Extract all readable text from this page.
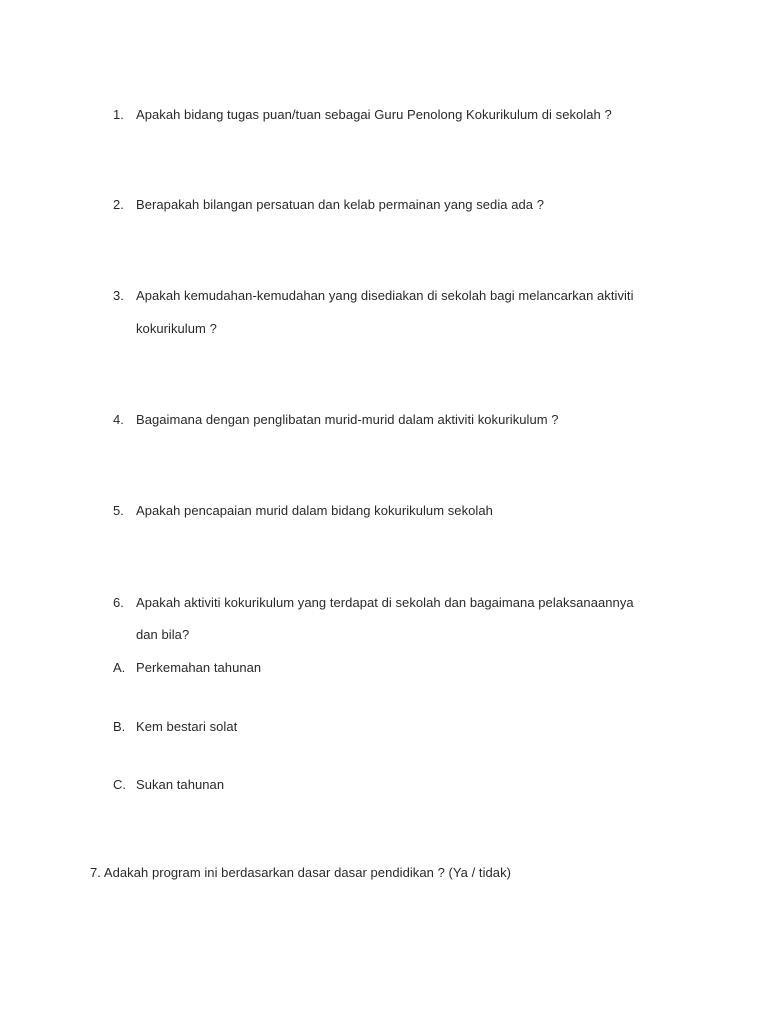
1. Apakah bidang tugas puan/tuan sebagai Guru Penolong Kokurikulum di sekolah ?
2. Berapakah bilangan persatuan dan kelab permainan yang sedia ada ?
3. Apakah kemudahan-kemudahan yang disediakan di sekolah bagi melancarkan aktiviti
kokurikulum ?
4. Bagaimana dengan penglibatan murid-murid dalam aktiviti kokurikulum ?
5. Apakah pencapaian murid dalam bidang kokurikulum sekolah
6. Apakah aktiviti kokurikulum yang terdapat di sekolah dan bagaimana pelaksanaannya
dan bila?
A. Perkemahan tahunan
B. Kem bestari solat
C. Sukan tahunan
7. Adakah program ini berdasarkan dasar dasar pendidikan ? (Ya / tidak)
